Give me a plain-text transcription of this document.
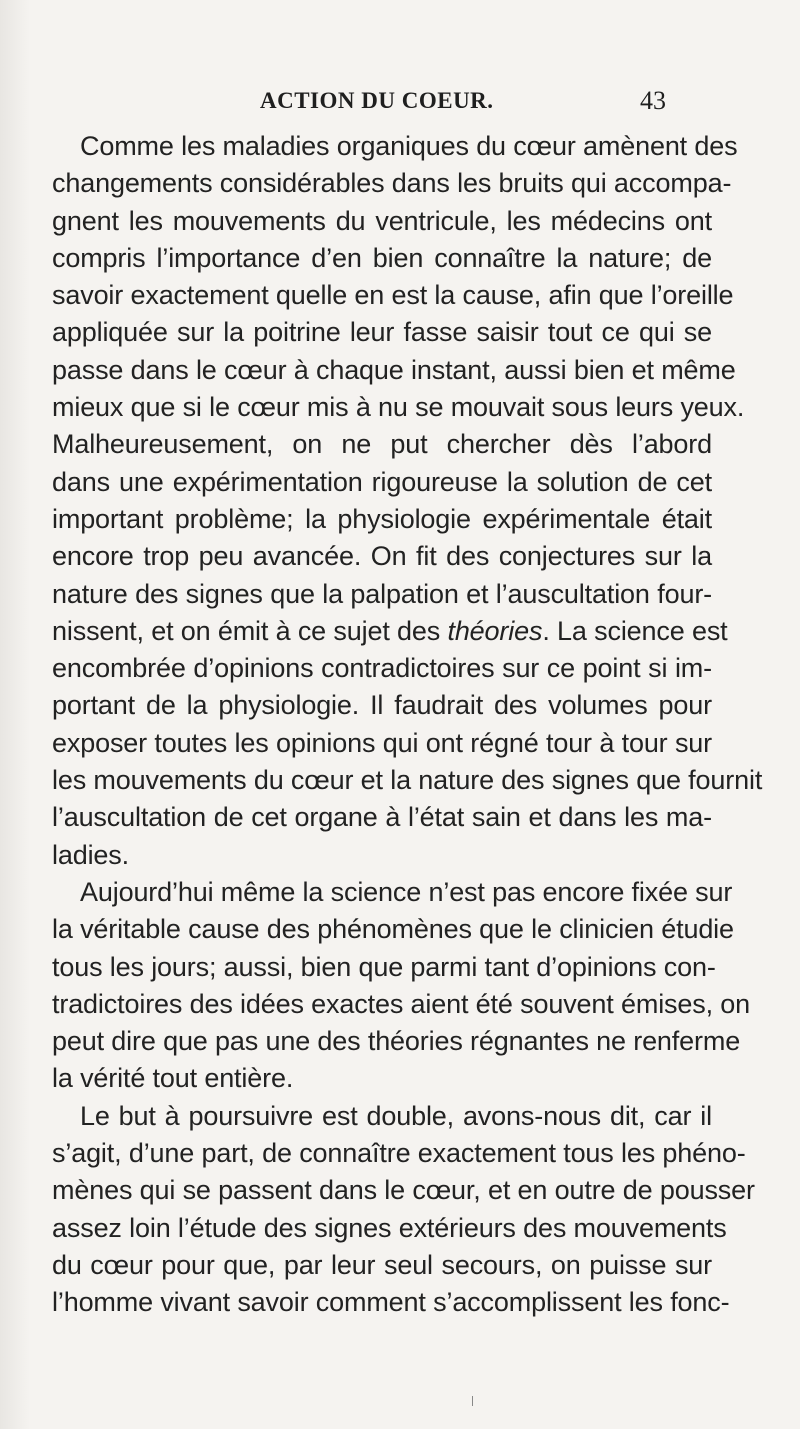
ACTION DU COEUR.	43
Comme les maladies organiques du cœur amènent des
changements considérables dans les bruits qui accompa-
gnent les mouvements du ventricule, les médecins ont
compris l’importance d’en bien connaître la nature; de
savoir exactement quelle en est la cause, afin que l’oreille
appliquée sur la poitrine leur fasse saisir tout ce qui se
passe dans le cœur à chaque instant, aussi bien et même
mieux que si le cœur mis à nu se mouvait sous leurs yeux.
Malheureusement, on ne put chercher dès l’abord
dans une expérimentation rigoureuse la solution de cet
important problème; la physiologie expérimentale était
encore trop peu avancée. On fit des conjectures sur la
nature des signes que la palpation et l’auscultation four-
nissent, et on émit à ce sujet des théories. La science est
encombrée d’opinions contradictoires sur ce point si im-
portant de la physiologie. Il faudrait des volumes pour
exposer toutes les opinions qui ont régné tour à tour sur
les mouvements du cœur et la nature des signes que fournit
l’auscultation de cet organe à l’état sain et dans les ma-
ladies.
Aujourd’hui même la science n’est pas encore fixée sur
la véritable cause des phénomènes que le clinicien étudie
tous les jours; aussi, bien que parmi tant d’opinions con-
tradictoires des idées exactes aient été souvent émises, on
peut dire que pas une des théories régnantes ne renferme
la vérité tout entière.
Le but à poursuivre est double, avons-nous dit, car il
s’agit, d’une part, de connaître exactement tous les phéno-
mènes qui se passent dans le cœur, et en outre de pousser
assez loin l’étude des signes extérieurs des mouvements
du cœur pour que, par leur seul secours, on puisse sur
l’homme vivant savoir comment s’accomplissent les fonc-
